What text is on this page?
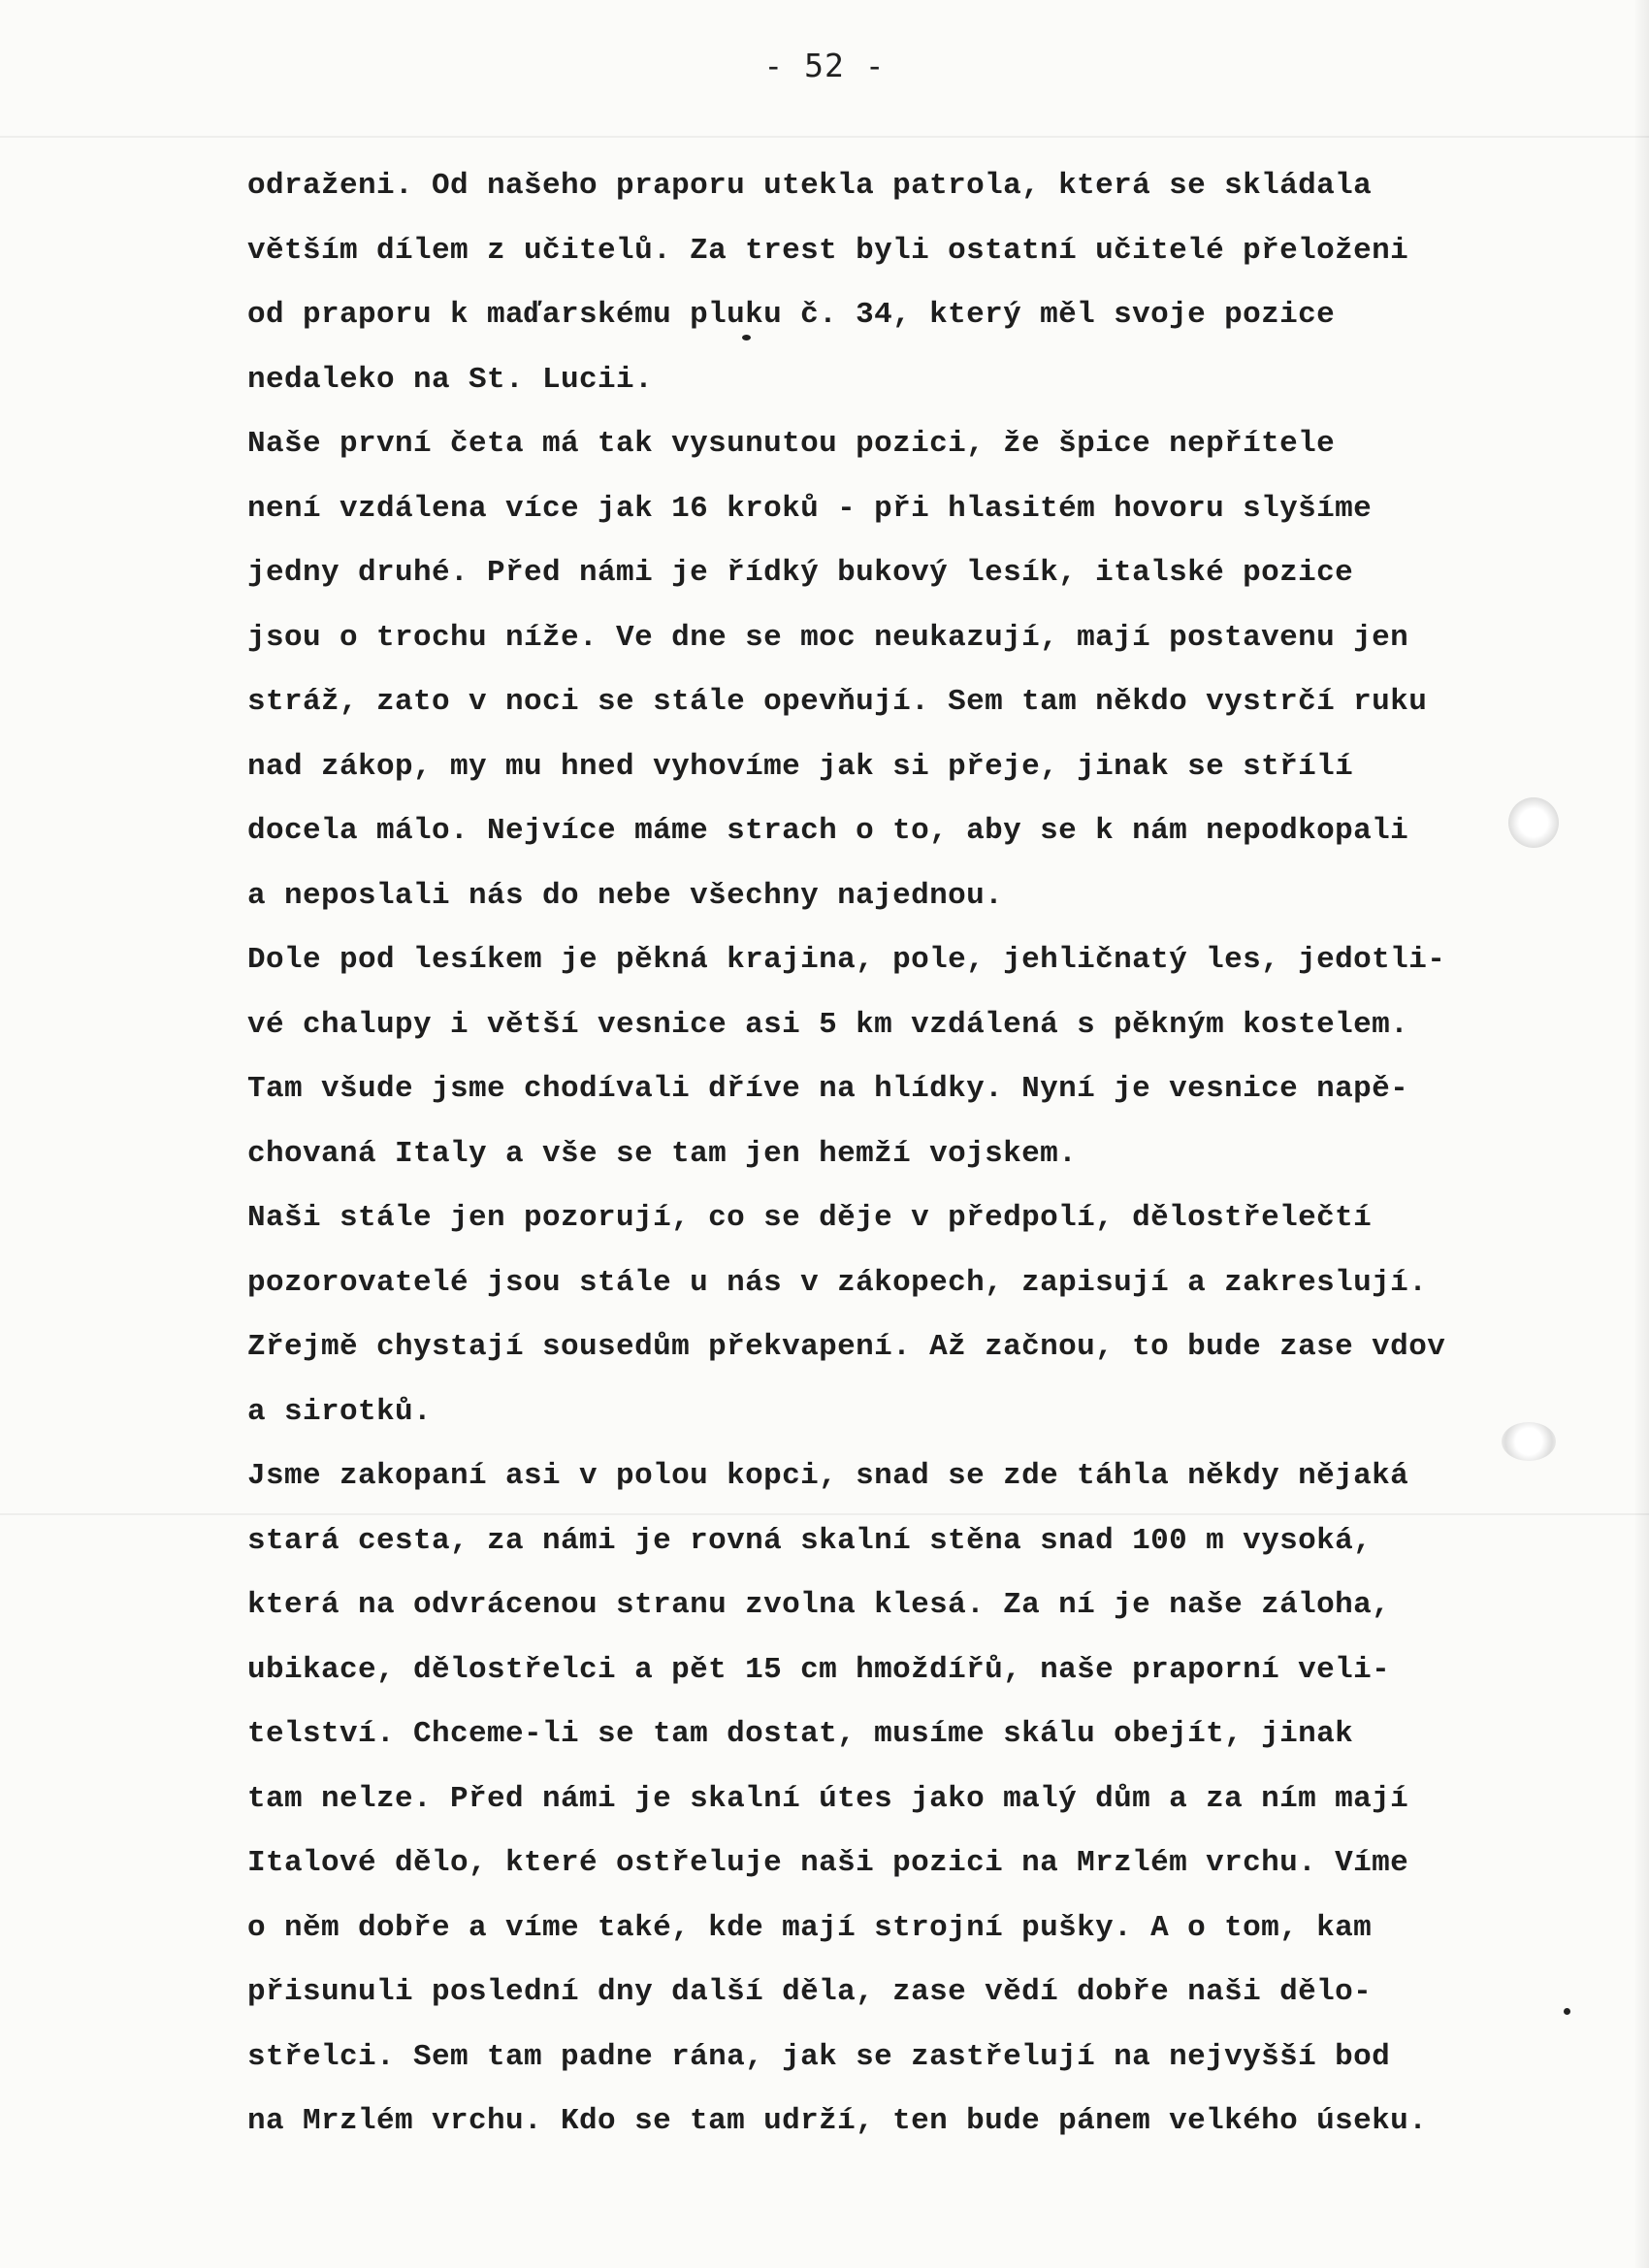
- 52 -
odraženi. Od našeho praporu utekla patrola, která se skládala
větším dílem z učitelů. Za trest byli ostatní učitelé přeloženi
od praporu k maďarskému pluku č. 34, který měl svoje pozice
nedaleko na St. Lucii.
Naše první četa má tak vysunutou pozici, že špice nepřítele
není vzdálena více jak 16 kroků - při hlasitém hovoru slyšíme
jedny druhé. Před námi je řídký bukový lesík, italské pozice
jsou o trochu níže. Ve dne se moc neukazují, mají postavenu jen
stráž, zato v noci se stále opevňují. Sem tam někdo vystrčí ruku
nad zákop, my mu hned vyhovíme jak si přeje, jinak se střílí
docela málo. Nejvíce máme strach o to, aby se k nám nepodkopali
a neposlali nás do nebe všechny najednou.
Dole pod lesíkem je pěkná krajina, pole, jehličnatý les, jedotli-
vé chalupy i větší vesnice asi 5 km vzdálená s pěkným kostelem.
Tam všude jsme chodívali dříve na hlídky. Nyní je vesnice napě-
chovaná Italy a vše se tam jen hemží vojskem.
Naši stále jen pozorují, co se děje v předpolí, dělostřelečtí
pozorovatelé jsou stále u nás v zákopech, zapisují a zakreslují.
Zřejmě chystají sousedům překvapení. Až začnou, to bude zase vdov
a sirotků.
Jsme zakopaní asi v polou kopci, snad se zde táhla někdy nějaká
stará cesta, za námi je rovná skalní stěna snad 100 m vysoká,
která na odvrácenou stranu zvolna klesá. Za ní je naše záloha,
ubikace, dělostřelci a pět 15 cm hmoždířů, naše praporní veli-
telství. Chceme-li se tam dostat, musíme skálu obejít, jinak
tam nelze. Před námi je skalní útes jako malý dům a za ním mají
Italové dělo, které ostřeluje naši pozici na Mrzlém vrchu. Víme
o něm dobře a víme také, kde mají strojní pušky. A o tom, kam
přisunuli poslední dny další děla, zase vědí dobře naši dělo-
střelci. Sem tam padne rána, jak se zastřelují na nejvyšší bod
na Mrzlém vrchu. Kdo se tam udrží, ten bude pánem velkého úseku.
